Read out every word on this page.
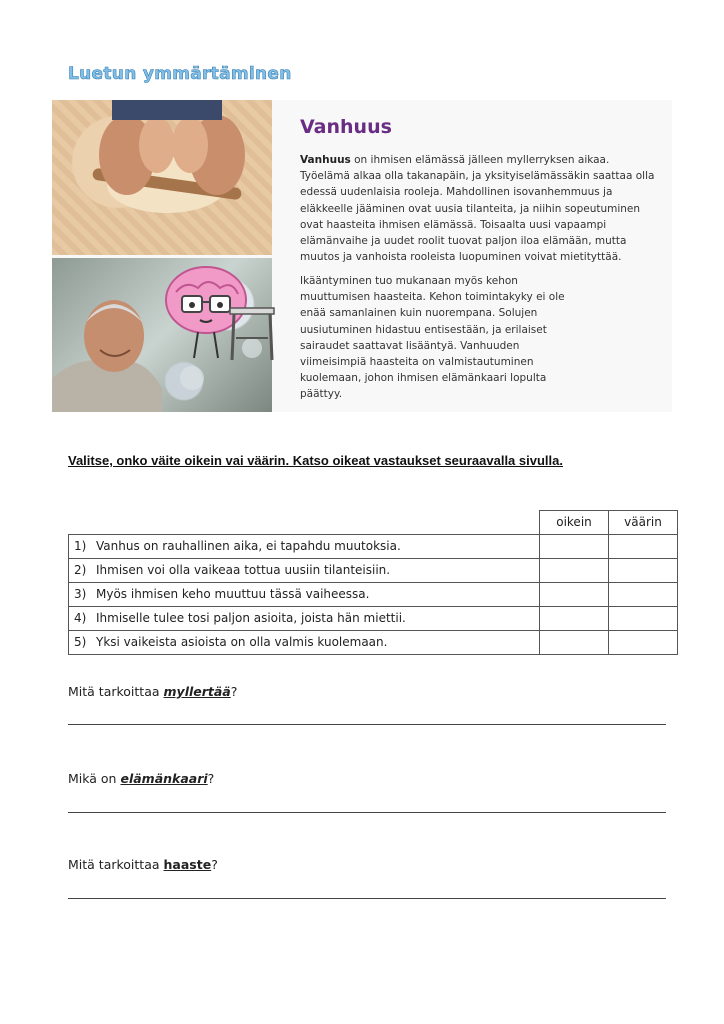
Luetun ymmärtäminen
Vanhuus
Vanhuus on ihmisen elämässä jälleen myllerryksen aikaa.
Työelämä alkaa olla takanapäin, ja yksityiselämässäkin saattaa olla
edessä uudenlaisia rooleja. Mahdollinen isovanhemmuus ja
eläkkeelle jääminen ovat uusia tilanteita, ja niihin sopeutuminen
ovat haasteita ihmisen elämässä. Toisaalta uusi vapaampi
elämänvaihe ja uudet roolit tuovat paljon iloa elämään, mutta
muutos ja vanhoista rooleista luopuminen voivat mietityttää.
Ikääntyminen tuo mukanaan myös kehon
muuttumisen haasteita. Kehon toimintakyky ei ole
enää samanlainen kuin nuorempana. Solujen
uusiutuminen hidastuu entisestään, ja erilaiset
sairaudet saattavat lisääntyä. Vanhuuden
viimeisimpiä haasteita on valmistautuminen
kuolemaan, johon ihmisen elämänkaari lopulta
päättyy.
Valitse, onko väite oikein vai väärin. Katso oikeat vastaukset seuraavalla sivulla.
	oikein	väärin
1) Vanhus on rauhallinen aika, ei tapahdu muutoksia.		
2) Ihmisen voi olla vaikeaa tottua uusiin tilanteisiin.		
3) Myös ihmisen keho muuttuu tässä vaiheessa.		
4) Ihmiselle tulee tosi paljon asioita, joista hän miettii.		
5) Yksi vaikeista asioista on olla valmis kuolemaan.		
Mitä tarkoittaa myllertää?
Mikä on elämänkaari?
Mitä tarkoittaa haaste?
